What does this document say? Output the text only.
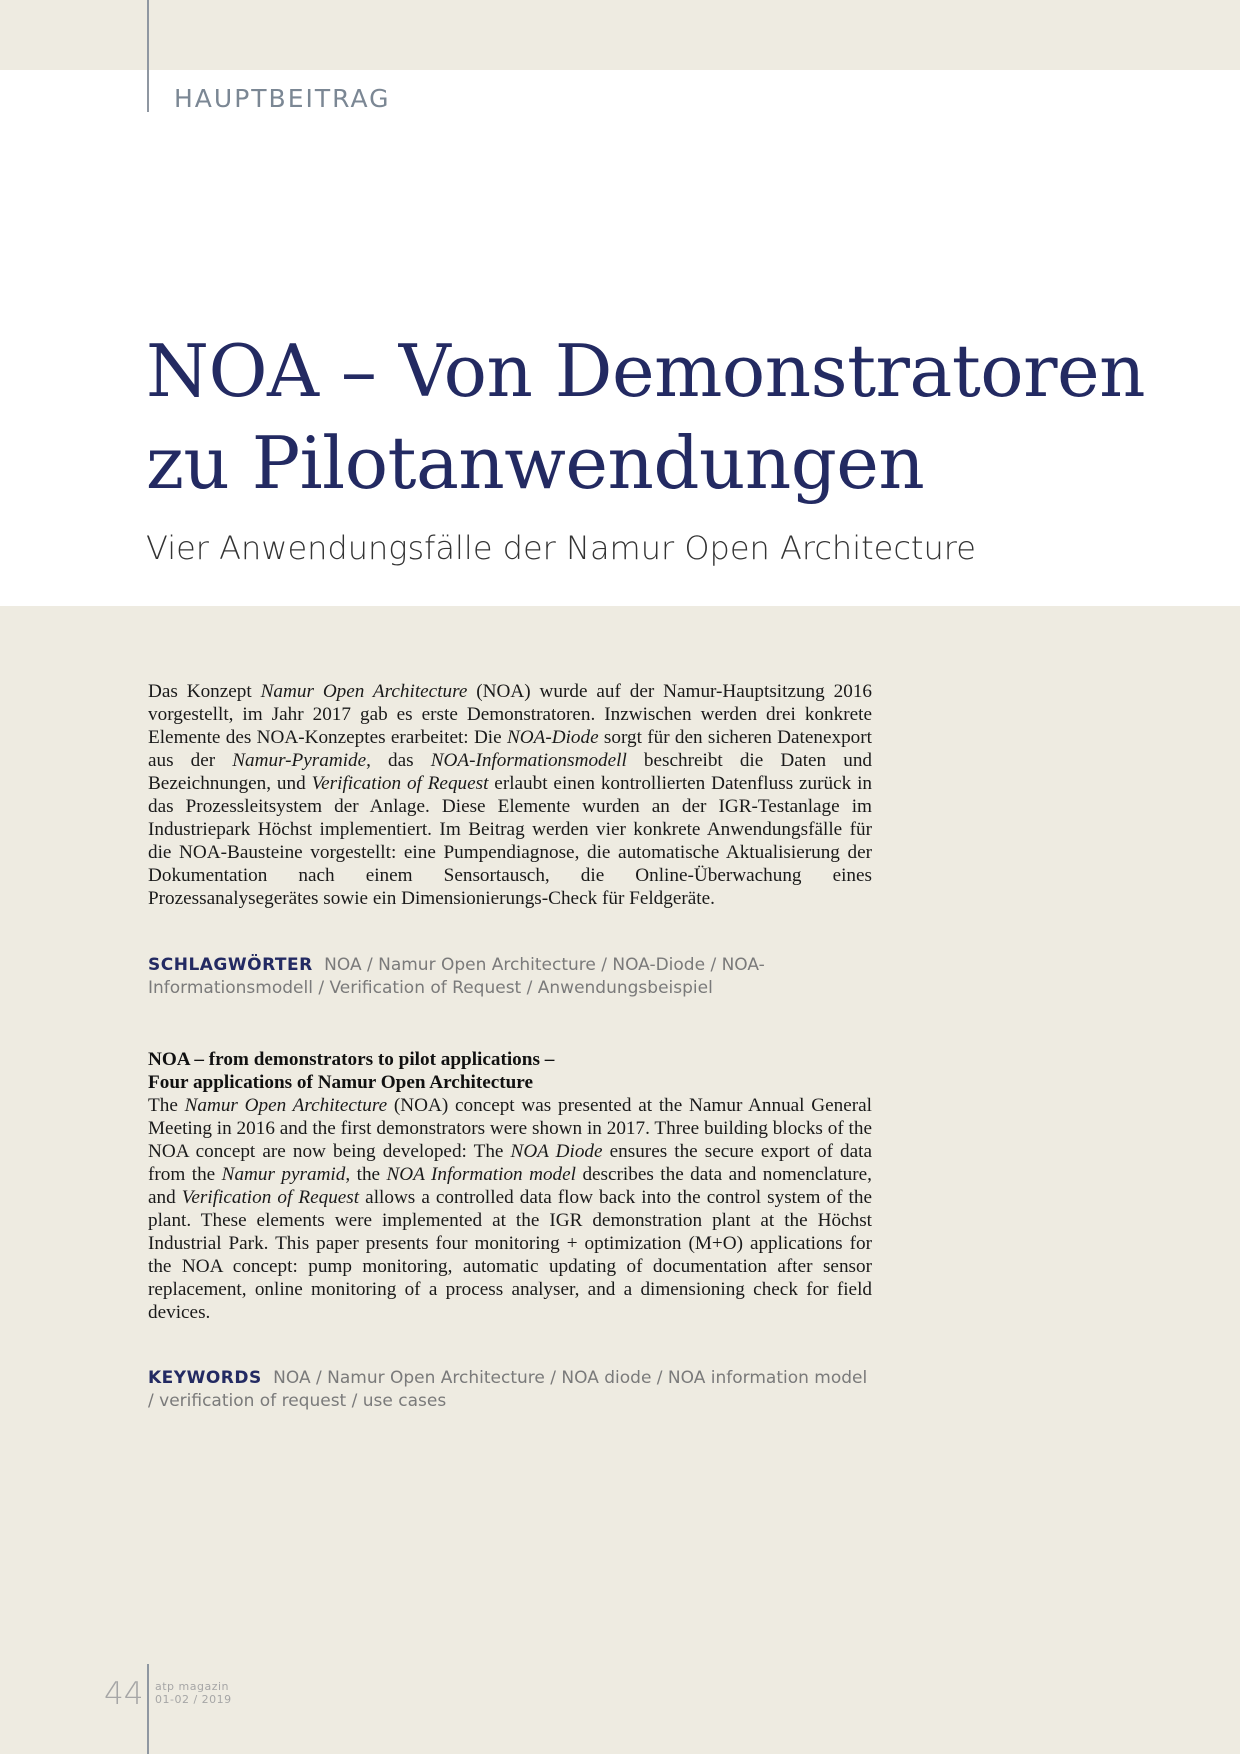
HAUPTBEITRAG
NOA – Von Demonstratoren
zu Pilotanwendungen
Vier Anwendungsfälle der Namur Open Architecture

Das Konzept Namur Open Architecture (NOA) wurde auf der Namur-Hauptsitzung 2016 vorgestellt, im Jahr 2017 gab es erste Demonstratoren. Inzwischen werden drei konkrete Elemente des NOA-Konzeptes erarbeitet: Die NOA-Diode sorgt für den sicheren Datenexport aus der Namur-Pyramide, das NOA-Informationsmodell beschreibt die Daten und Bezeichnungen, und Verification of Request erlaubt einen kontrollierten Datenfluss zurück in das Prozessleitsystem der Anlage. Diese Elemente wurden an der IGR-Testanlage im Industriepark Höchst implementiert. Im Beitrag werden vier konkrete Anwendungsfälle für die NOA-Bausteine vorgestellt: eine Pumpendiagnose, die automatische Aktualisierung der Dokumentation nach einem Sensortausch, die Online-Überwachung eines Prozessanalysegerätes sowie ein Dimensionierungs-Check für Feldgeräte.

SCHLAGWÖRTER NOA / Namur Open Architecture / NOA-Diode / NOA-Informationsmodell / Verification of Request / Anwendungsbeispiel
NOA – from demonstrators to pilot applications –
Four applications of Namur Open Architecture

The Namur Open Architecture (NOA) concept was presented at the Namur Annual General Meeting in 2016 and the first demonstrators were shown in 2017. Three building blocks of the NOA concept are now being developed: The NOA Diode ensures the secure export of data from the Namur pyramid, the NOA Information model describes the data and nomenclature, and Verification of Request allows a controlled data flow back into the control system of the plant. These elements were implemented at the IGR demonstration plant at the Höchst Industrial Park. This paper presents four monitoring + optimization (M+O) applications for the NOA concept: pump monitoring, automatic updating of documentation after sensor replacement, online monitoring of a process analyser, and a dimensioning check for field devices.

KEYWORDS NOA / Namur Open Architecture / NOA diode / NOA information model / verification of request / use cases
44 atp magazin
01-02 / 2019
